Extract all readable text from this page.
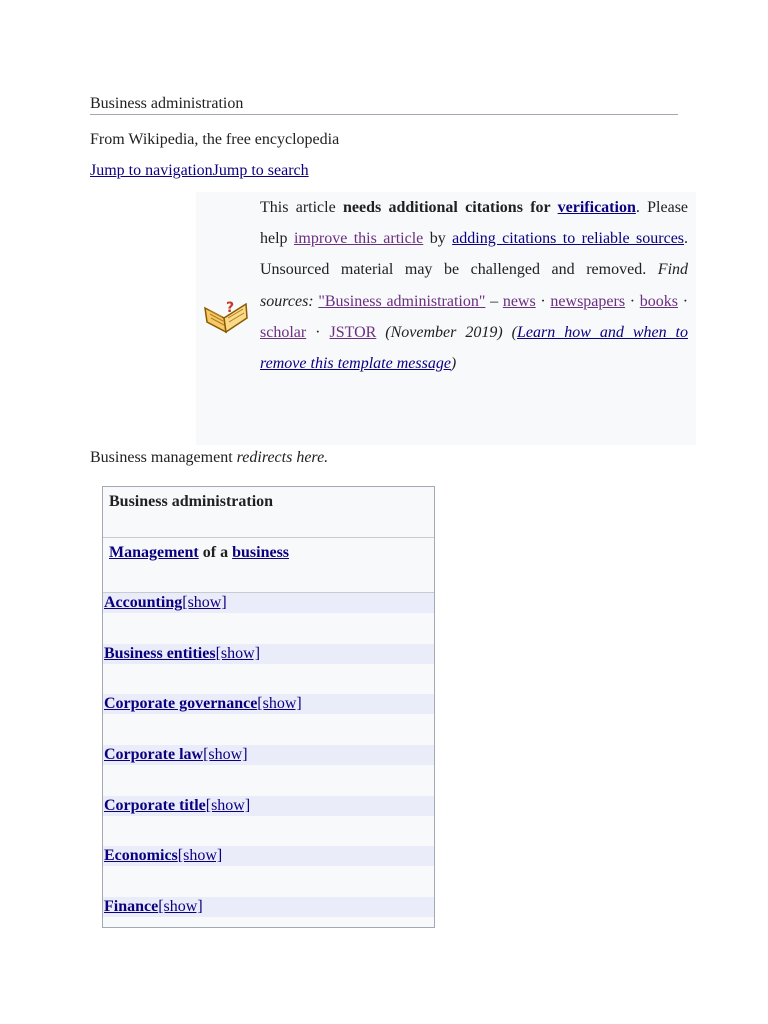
Business administration
From Wikipedia, the free encyclopedia
Jump to navigationJump to search
?
This article needs additional citations for verification. Please help improve this article by adding citations to reliable sources. Unsourced material may be challenged and removed. Find sources: "Business administration" – news · newspapers · books · scholar · JSTOR (November 2019) (Learn how and when to remove this template message)
Business management redirects here.
Business administration
Management of a business
Accounting[show]
Business entities[show]
Corporate governance[show]
Corporate law[show]
Corporate title[show]
Economics[show]
Finance[show]
